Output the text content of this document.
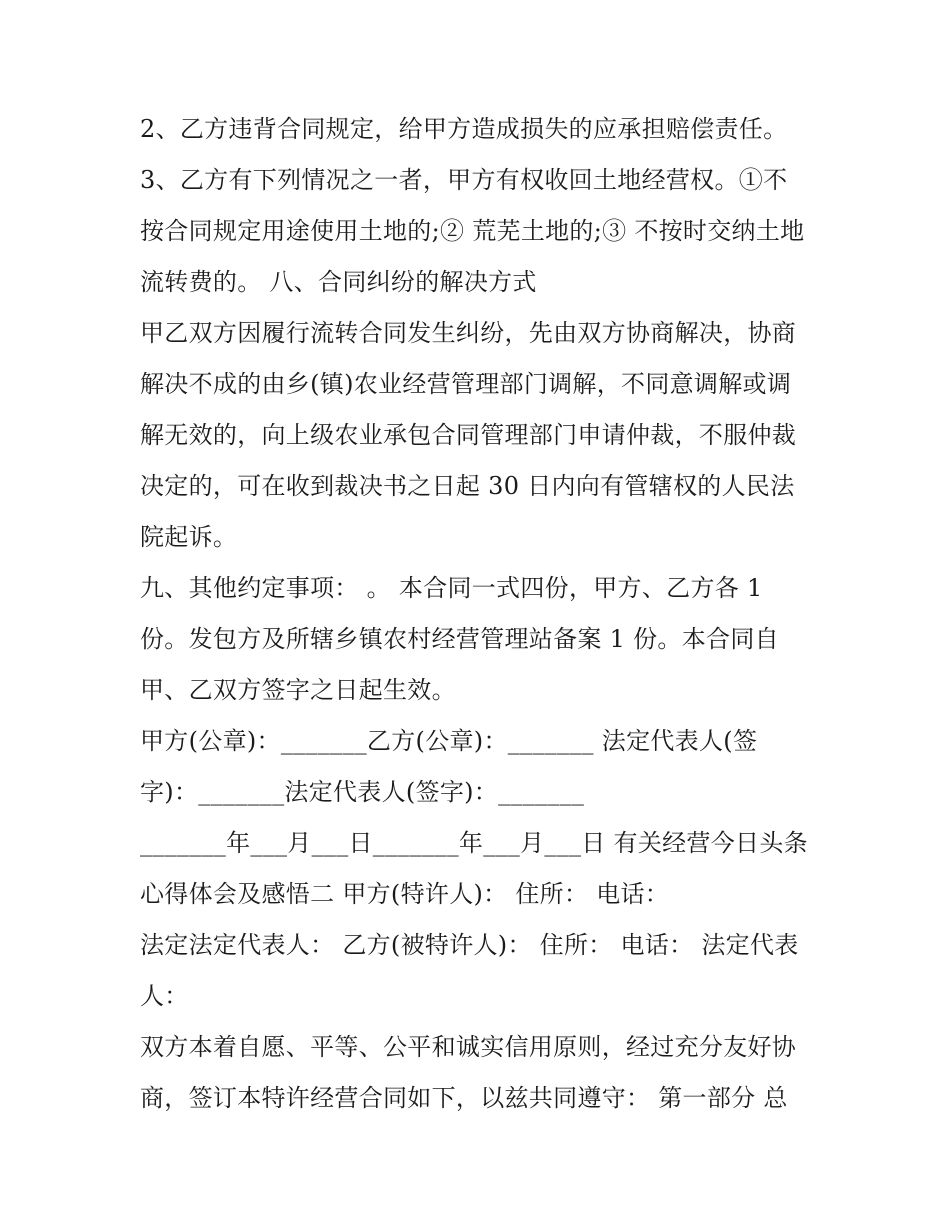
2、乙方违背合同规定，给甲方造成损失的应承担赔偿责任。
3、乙方有下列情况之一者，甲方有权收回土地经营权。①不
按合同规定用途使用土地的;② 荒芜土地的;③ 不按时交纳土地
流转费的。 八、合同纠纷的解决方式
甲乙双方因履行流转合同发生纠纷，先由双方协商解决，协商
解决不成的由乡(镇)农业经营管理部门调解，不同意调解或调
解无效的，向上级农业承包合同管理部门申请仲裁，不服仲裁
决定的，可在收到裁决书之日起 30 日内向有管辖权的人民法
院起诉。
九、其他约定事项： 。 本合同一式四份，甲方、乙方各 1
份。发包方及所辖乡镇农村经营管理站备案 1 份。本合同自
甲、乙双方签字之日起生效。
甲方(公章)：_______乙方(公章)：_______ 法定代表人(签
字)：_______法定代表人(签字)：_______
_______年___月___日_______年___月___日 有关经营今日头条
心得体会及感悟二 甲方(特许人)： 住所： 电话：
法定法定代表人： 乙方(被特许人)： 住所： 电话： 法定代表
人：
双方本着自愿、平等、公平和诚实信用原则，经过充分友好协
商，签订本特许经营合同如下，以兹共同遵守： 第一部分 总
